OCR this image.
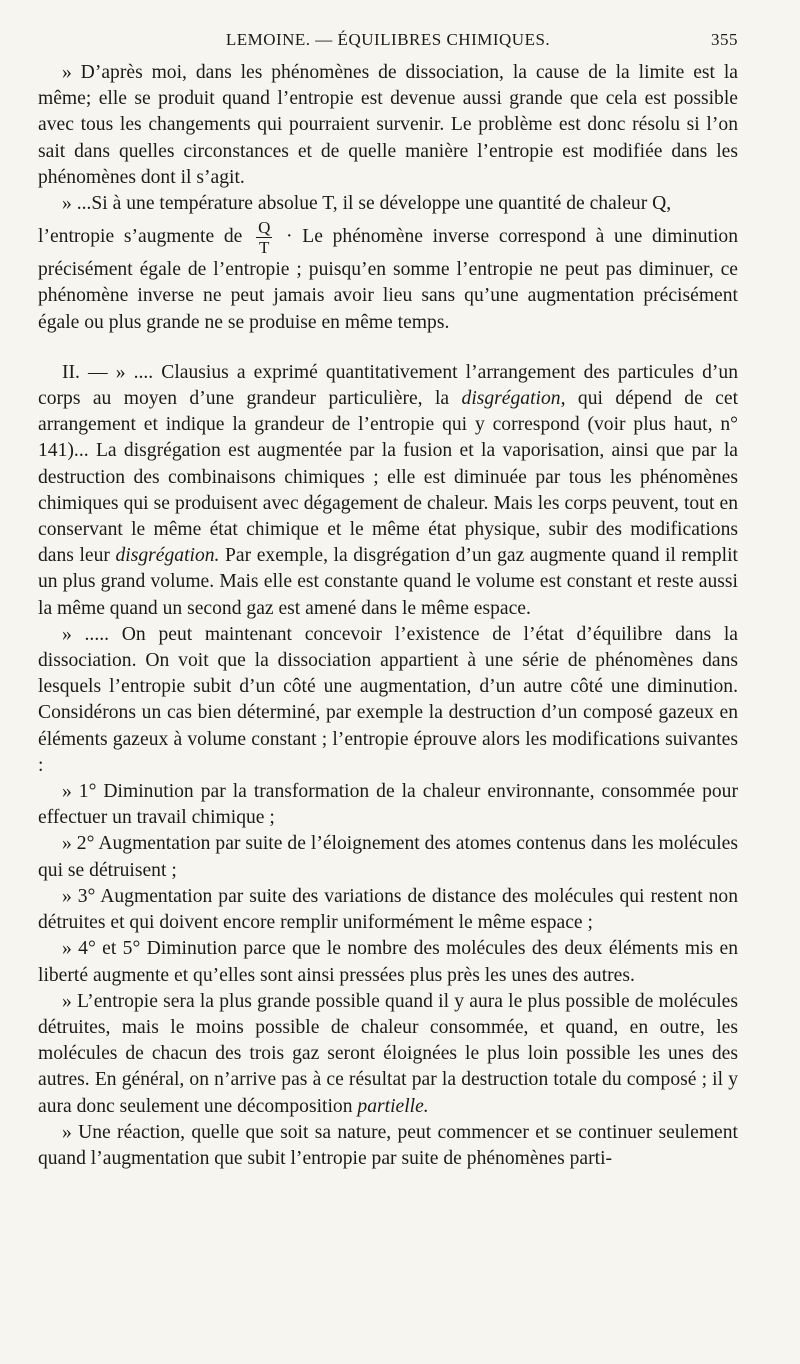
LEMOINE. — ÉQUILIBRES CHIMIQUES.	355

» D’après moi, dans les phénomènes de dissociation, la cause de la limite est la même; elle se produit quand l’entropie est devenue aussi grande que cela est possible avec tous les changements qui pourraient survenir. Le problème est donc résolu si l’on sait dans quelles circonstances et de quelle manière l’entropie est modifiée dans les phénomènes dont il s’agit.

» ...Si à une température absolue T, il se développe une quantité de chaleur Q,

l’entropie s’augmente de $\frac{Q}{T} \cdot Le$ phénomène inverse correspond à une diminution précisément égale de l’entropie ; puisqu’en somme l’entropie ne peut pas diminuer, ce phénomène inverse ne peut jamais avoir lieu sans qu’une augmentation précisément égale ou plus grande ne se produise en même temps.

II. — » .... Clausius a exprimé quantitativement l’arrangement des particules d’un corps au moyen d’une grandeur particulière, la disgrégation, qui dépend de cet arrangement et indique la grandeur de l’entropie qui y correspond (voir plus haut, n° 141)... La disgrégation est augmentée par la fusion et la vaporisation, ainsi que par la destruction des combinaisons chimiques ; elle est diminuée par tous les phénomènes chimiques qui se produisent avec dégagement de chaleur. Mais les corps peuvent, tout en conservant le même état chimique et le même état physique, subir des modifications dans leur disgrégation. Par exemple, la disgrégation d’un gaz augmente quand il remplit un plus grand volume. Mais elle est constante quand le volume est constant et reste aussi la même quand un second gaz est amené dans le même espace.

» ..... On peut maintenant concevoir l’existence de l’état d’équilibre dans la dissociation. On voit que la dissociation appartient à une série de phénomènes dans lesquels l’entropie subit d’un côté une augmentation, d’un autre côté une diminution. Considérons un cas bien déterminé, par exemple la destruction d’un composé gazeux en éléments gazeux à volume constant ; l’entropie éprouve alors les modifications suivantes :

» 1° Diminution par la transformation de la chaleur environnante, consommée pour effectuer un travail chimique ;

» 2° Augmentation par suite de l’éloignement des atomes contenus dans les molécules qui se détruisent ;

» 3° Augmentation par suite des variations de distance des molécules qui restent non détruites et qui doivent encore remplir uniformément le même espace ;

» 4° et 5° Diminution parce que le nombre des molécules des deux éléments mis en liberté augmente et qu’elles sont ainsi pressées plus près les unes des autres.

» L’entropie sera la plus grande possible quand il y aura le plus possible de molécules détruites, mais le moins possible de chaleur consommée, et quand, en outre, les molécules de chacun des trois gaz seront éloignées le plus loin possible les unes des autres. En général, on n’arrive pas à ce résultat par la destruction totale du composé ; il y aura donc seulement une décomposition partielle.

» Une réaction, quelle que soit sa nature, peut commencer et se continuer seulement quand l’augmentation que subit l’entropie par suite de phénomènes parti-
